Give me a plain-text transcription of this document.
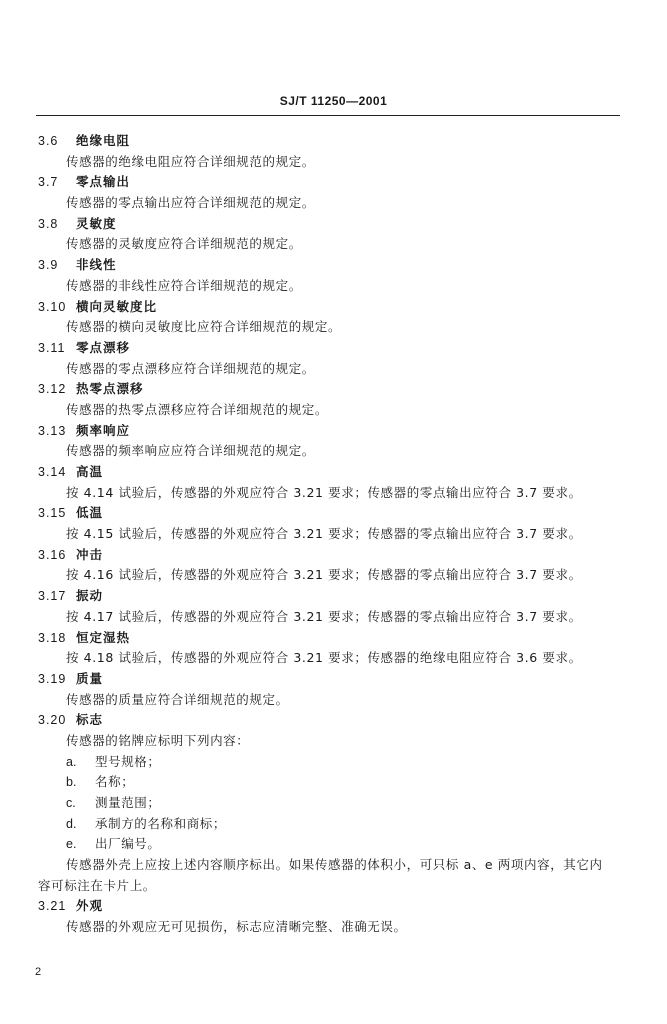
SJ/T 11250—2001
3.6 绝缘电阻
传感器的绝缘电阻应符合详细规范的规定。
3.7 零点输出
传感器的零点输出应符合详细规范的规定。
3.8 灵敏度
传感器的灵敏度应符合详细规范的规定。
3.9 非线性
传感器的非线性应符合详细规范的规定。
3.10 横向灵敏度比
传感器的横向灵敏度比应符合详细规范的规定。
3.11 零点漂移
传感器的零点漂移应符合详细规范的规定。
3.12 热零点漂移
传感器的热零点漂移应符合详细规范的规定。
3.13 频率响应
传感器的频率响应应符合详细规范的规定。
3.14 高温
按 4.14 试验后，传感器的外观应符合 3.21 要求；传感器的零点输出应符合 3.7 要求。
3.15 低温
按 4.15 试验后，传感器的外观应符合 3.21 要求；传感器的零点输出应符合 3.7 要求。
3.16 冲击
按 4.16 试验后，传感器的外观应符合 3.21 要求；传感器的零点输出应符合 3.7 要求。
3.17 振动
按 4.17 试验后，传感器的外观应符合 3.21 要求；传感器的零点输出应符合 3.7 要求。
3.18 恒定湿热
按 4.18 试验后，传感器的外观应符合 3.21 要求；传感器的绝缘电阻应符合 3.6 要求。
3.19 质量
传感器的质量应符合详细规范的规定。
3.20 标志
传感器的铭牌应标明下列内容：
a. 型号规格；
b. 名称；
c. 测量范围；
d. 承制方的名称和商标；
e. 出厂编号。
传感器外壳上应按上述内容顺序标出。如果传感器的体积小，可只标 a、e 两项内容，其它内
容可标注在卡片上。
3.21 外观
传感器的外观应无可见损伤，标志应清晰完整、准确无误。
2
